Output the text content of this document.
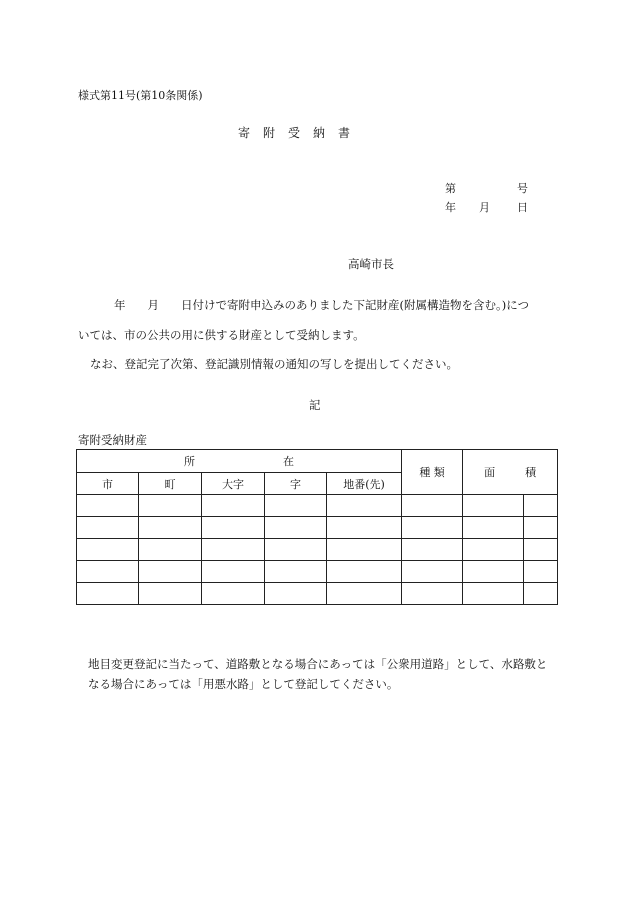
様式第11号(第10条関係)
寄附受納書
第	号
年 月 日
高崎市長
年 月 日付けで寄附申込みのありました下記財産(附属構造物を含む。)につ
いては、市の公共の用に供する財産として受納します。
なお、登記完了次第、登記識別情報の通知の写しを提出してください。
記
寄附受納財産
所 在					種 類	面 積	
市	町	大字	字	地番(先)			

地目変更登記に当たって、道路敷となる場合にあっては「公衆用道路」として、水路敷となる場合にあっては「用悪水路」として登記してください。
